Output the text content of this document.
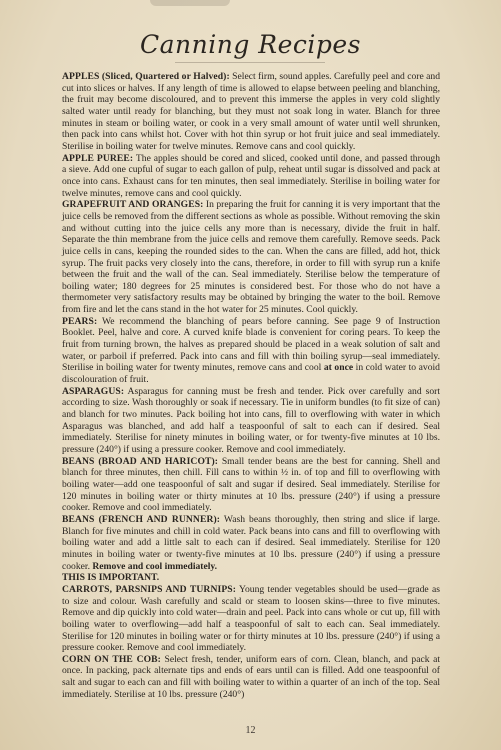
Canning Recipes

APPLES (Sliced, Quartered or Halved): Select firm, sound apples. Carefully peel and core and cut into slices or halves. If any length of time is allowed to elapse between peeling and blanching, the fruit may become discoloured, and to prevent this immerse the apples in very cold slightly salted water until ready for blanching, but they must not soak long in water. Blanch for three minutes in steam or boiling water, or cook in a very small amount of water until well shrunken, then pack into cans whilst hot. Cover with hot thin syrup or hot fruit juice and seal immediately. Sterilise in boiling water for twelve minutes. Remove cans and cool quickly.

APPLE PUREE: The apples should be cored and sliced, cooked until done, and passed through a sieve. Add one cupful of sugar to each gallon of pulp, reheat until sugar is dissolved and pack at once into cans. Exhaust cans for ten minutes, then seal immediately. Sterilise in boiling water for twelve minutes, remove cans and cool quickly.

GRAPEFRUIT AND ORANGES: In preparing the fruit for canning it is very important that the juice cells be removed from the different sections as whole as possible. Without removing the skin and without cutting into the juice cells any more than is necessary, divide the fruit in half. Separate the thin membrane from the juice cells and remove them carefully. Remove seeds. Pack juice cells in cans, keeping the rounded sides to the can. When the cans are filled, add hot, thick syrup. The fruit packs very closely into the cans, therefore, in order to fill with syrup run a knife between the fruit and the wall of the can. Seal immediately. Sterilise below the temperature of boiling water; 180 degrees for 25 minutes is considered best. For those who do not have a thermometer very satisfactory results may be obtained by bringing the water to the boil. Remove from fire and let the cans stand in the hot water for 25 minutes. Cool quickly.

PEARS: We recommend the blanching of pears before canning. See page 9 of Instruction Booklet. Peel, halve and core. A curved knife blade is convenient for coring pears. To keep the fruit from turning brown, the halves as prepared should be placed in a weak solution of salt and water, or parboil if preferred. Pack into cans and fill with thin boiling syrup—seal immediately. Sterilise in boiling water for twenty minutes, remove cans and cool at once in cold water to avoid discolouration of fruit.

ASPARAGUS: Asparagus for canning must be fresh and tender. Pick over carefully and sort according to size. Wash thoroughly or soak if necessary. Tie in uniform bundles (to fit size of can) and blanch for two minutes. Pack boiling hot into cans, fill to overflowing with water in which Asparagus was blanched, and add half a teaspoonful of salt to each can if desired. Seal immediately. Sterilise for ninety minutes in boiling water, or for twenty-five minutes at 10 lbs. pressure (240°) if using a pressure cooker. Remove and cool immediately.

BEANS (BROAD AND HARICOT): Small tender beans are the best for canning. Shell and blanch for three minutes, then chill. Fill cans to within ½ in. of top and fill to overflowing with boiling water—add one teaspoonful of salt and sugar if desired. Seal immediately. Sterilise for 120 minutes in boiling water or thirty minutes at 10 lbs. pressure (240°) if using a pressure cooker. Remove and cool immediately.

BEANS (FRENCH AND RUNNER): Wash beans thoroughly, then string and slice if large. Blanch for five minutes and chill in cold water. Pack beans into cans and fill to overflowing with boiling water and add a little salt to each can if desired. Seal immediately. Sterilise for 120 minutes in boiling water or twenty-five minutes at 10 lbs. pressure (240°) if using a pressure cooker. Remove and cool immediately.

THIS IS IMPORTANT.

CARROTS, PARSNIPS AND TURNIPS: Young tender vegetables should be used—grade as to size and colour. Wash carefully and scald or steam to loosen skins—three to five minutes. Remove and dip quickly into cold water—drain and peel. Pack into cans whole or cut up, fill with boiling water to overflowing—add half a teaspoonful of salt to each can. Seal immediately. Sterilise for 120 minutes in boiling water or for thirty minutes at 10 lbs. pressure (240°) if using a pressure cooker. Remove and cool immediately.

CORN ON THE COB: Select fresh, tender, uniform ears of corn. Clean, blanch, and pack at once. In packing, pack alternate tips and ends of ears until can is filled. Add one teaspoonful of salt and sugar to each can and fill with boiling water to within a quarter of an inch of the top. Seal immediately. Sterilise at 10 lbs. pressure (240°)

12
